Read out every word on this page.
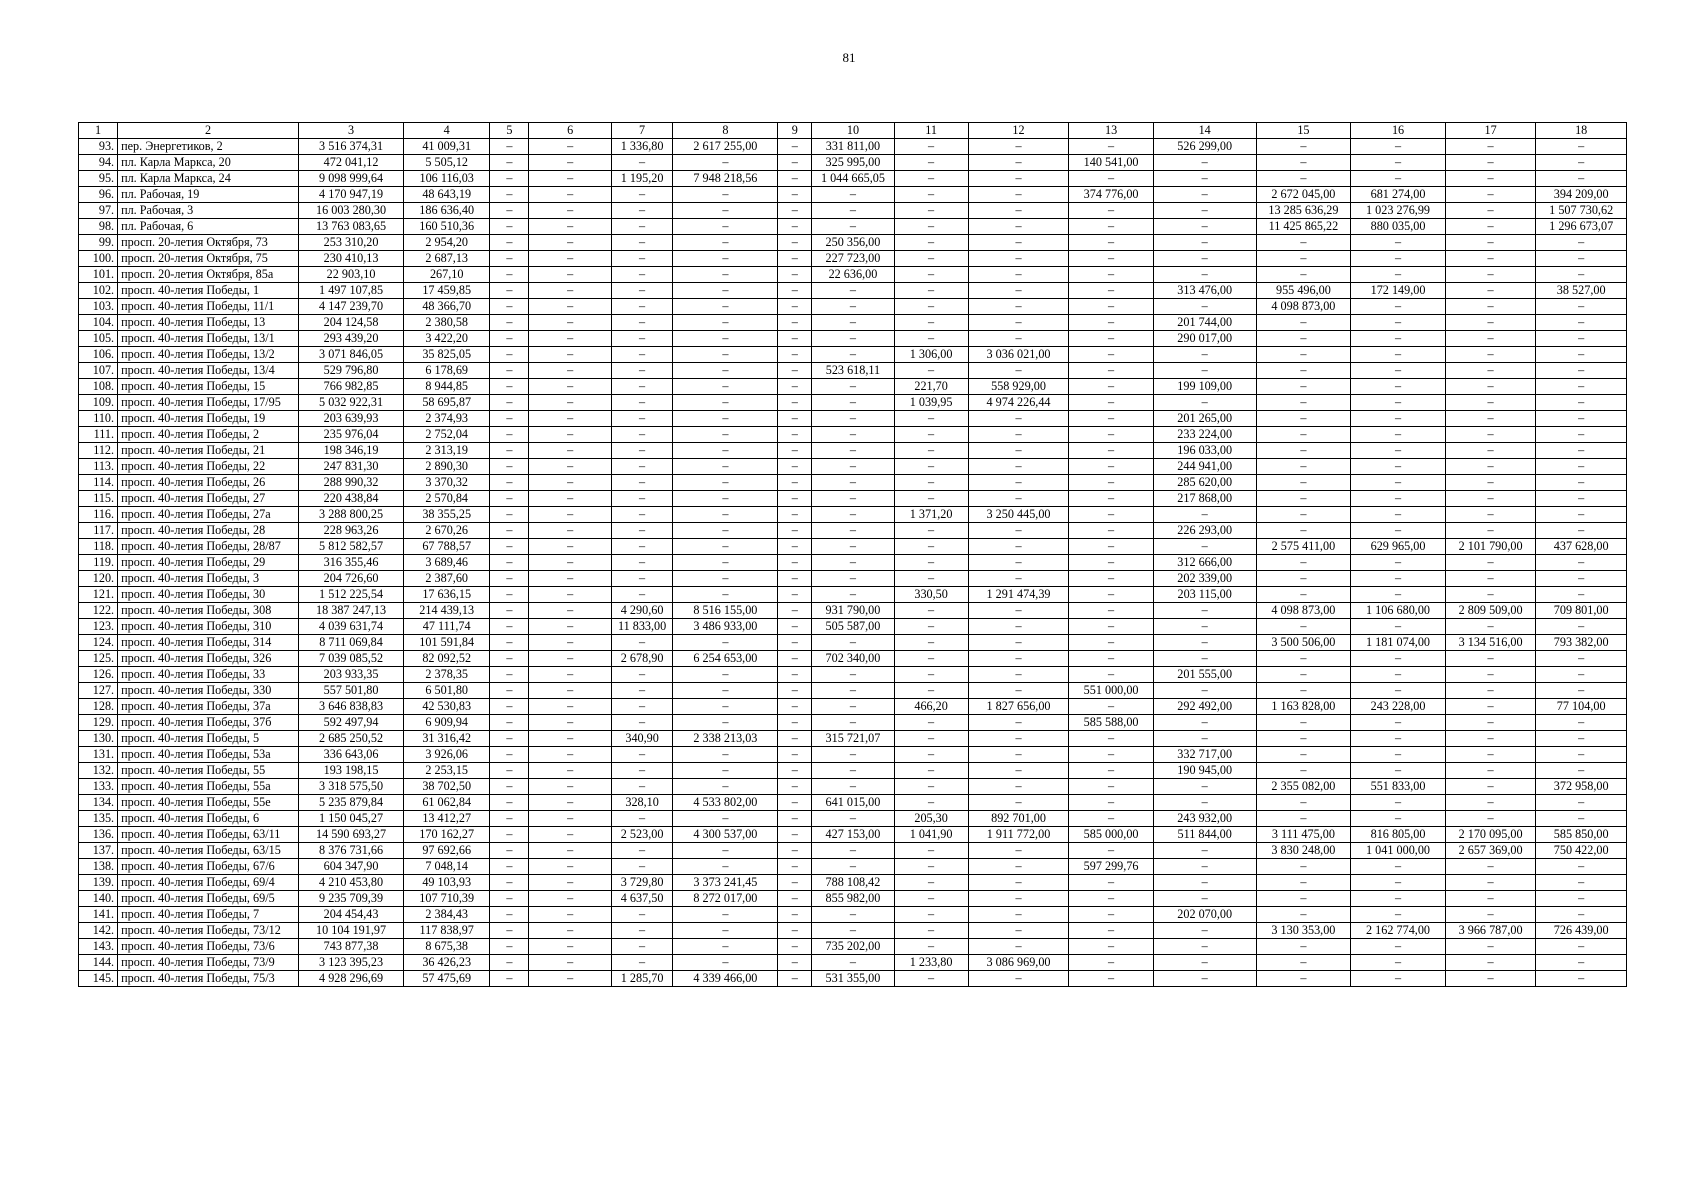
81
1	2	3	4	5	6	7	8	9	10	11	12	13	14	15	16	17	18
93.	пер. Энергетиков, 2	3 516 374,31	41 009,31	–	–	1 336,80	2 617 255,00	–	331 811,00	–	–	–	526 299,00	–	–	–	–
94.	пл. Карла Маркса, 20	472 041,12	5 505,12	–	–	–	–	–	325 995,00	–	–	140 541,00	–	–	–	–	–
95.	пл. Карла Маркса, 24	9 098 999,64	106 116,03	–	–	1 195,20	7 948 218,56	–	1 044 665,05	–	–	–	–	–	–	–	–
96.	пл. Рабочая, 19	4 170 947,19	48 643,19	–	–	–	–	–	–	–	–	374 776,00	–	2 672 045,00	681 274,00	–	394 209,00
97.	пл. Рабочая, 3	16 003 280,30	186 636,40	–	–	–	–	–	–	–	–	–	–	13 285 636,29	1 023 276,99	–	1 507 730,62
98.	пл. Рабочая, 6	13 763 083,65	160 510,36	–	–	–	–	–	–	–	–	–	–	11 425 865,22	880 035,00	–	1 296 673,07
99.	просп. 20-летия Октября, 73	253 310,20	2 954,20	–	–	–	–	–	250 356,00	–	–	–	–	–	–	–	–
100.	просп. 20-летия Октября, 75	230 410,13	2 687,13	–	–	–	–	–	227 723,00	–	–	–	–	–	–	–	–
101.	просп. 20-летия Октября, 85а	22 903,10	267,10	–	–	–	–	–	22 636,00	–	–	–	–	–	–	–	–
102.	просп. 40-летия Победы, 1	1 497 107,85	17 459,85	–	–	–	–	–	–	–	–	–	313 476,00	955 496,00	172 149,00	–	38 527,00
103.	просп. 40-летия Победы, 11/1	4 147 239,70	48 366,70	–	–	–	–	–	–	–	–	–	–	4 098 873,00	–	–	–
104.	просп. 40-летия Победы, 13	204 124,58	2 380,58	–	–	–	–	–	–	–	–	–	201 744,00	–	–	–	–
105.	просп. 40-летия Победы, 13/1	293 439,20	3 422,20	–	–	–	–	–	–	–	–	–	290 017,00	–	–	–	–
106.	просп. 40-летия Победы, 13/2	3 071 846,05	35 825,05	–	–	–	–	–	–	1 306,00	3 036 021,00	–	–	–	–	–	–
107.	просп. 40-летия Победы, 13/4	529 796,80	6 178,69	–	–	–	–	–	523 618,11	–	–	–	–	–	–	–	–
108.	просп. 40-летия Победы, 15	766 982,85	8 944,85	–	–	–	–	–	–	221,70	558 929,00	–	199 109,00	–	–	–	–
109.	просп. 40-летия Победы, 17/95	5 032 922,31	58 695,87	–	–	–	–	–	–	1 039,95	4 974 226,44	–	–	–	–	–	–
110.	просп. 40-летия Победы, 19	203 639,93	2 374,93	–	–	–	–	–	–	–	–	–	201 265,00	–	–	–	–
111.	просп. 40-летия Победы, 2	235 976,04	2 752,04	–	–	–	–	–	–	–	–	–	233 224,00	–	–	–	–
112.	просп. 40-летия Победы, 21	198 346,19	2 313,19	–	–	–	–	–	–	–	–	–	196 033,00	–	–	–	–
113.	просп. 40-летия Победы, 22	247 831,30	2 890,30	–	–	–	–	–	–	–	–	–	244 941,00	–	–	–	–
114.	просп. 40-летия Победы, 26	288 990,32	3 370,32	–	–	–	–	–	–	–	–	–	285 620,00	–	–	–	–
115.	просп. 40-летия Победы, 27	220 438,84	2 570,84	–	–	–	–	–	–	–	–	–	217 868,00	–	–	–	–
116.	просп. 40-летия Победы, 27а	3 288 800,25	38 355,25	–	–	–	–	–	–	1 371,20	3 250 445,00	–	–	–	–	–	–
117.	просп. 40-летия Победы, 28	228 963,26	2 670,26	–	–	–	–	–	–	–	–	–	226 293,00	–	–	–	–
118.	просп. 40-летия Победы, 28/87	5 812 582,57	67 788,57	–	–	–	–	–	–	–	–	–	–	2 575 411,00	629 965,00	2 101 790,00	437 628,00
119.	просп. 40-летия Победы, 29	316 355,46	3 689,46	–	–	–	–	–	–	–	–	–	312 666,00	–	–	–	–
120.	просп. 40-летия Победы, 3	204 726,60	2 387,60	–	–	–	–	–	–	–	–	–	202 339,00	–	–	–	–
121.	просп. 40-летия Победы, 30	1 512 225,54	17 636,15	–	–	–	–	–	–	330,50	1 291 474,39	–	203 115,00	–	–	–	–
122.	просп. 40-летия Победы, 308	18 387 247,13	214 439,13	–	–	4 290,60	8 516 155,00	–	931 790,00	–	–	–	–	4 098 873,00	1 106 680,00	2 809 509,00	709 801,00
123.	просп. 40-летия Победы, 310	4 039 631,74	47 111,74	–	–	11 833,00	3 486 933,00	–	505 587,00	–	–	–	–	–	–	–	–
124.	просп. 40-летия Победы, 314	8 711 069,84	101 591,84	–	–	–	–	–	–	–	–	–	–	3 500 506,00	1 181 074,00	3 134 516,00	793 382,00
125.	просп. 40-летия Победы, 326	7 039 085,52	82 092,52	–	–	2 678,90	6 254 653,00	–	702 340,00	–	–	–	–	–	–	–	–
126.	просп. 40-летия Победы, 33	203 933,35	2 378,35	–	–	–	–	–	–	–	–	–	201 555,00	–	–	–	–
127.	просп. 40-летия Победы, 330	557 501,80	6 501,80	–	–	–	–	–	–	–	–	551 000,00	–	–	–	–	–
128.	просп. 40-летия Победы, 37а	3 646 838,83	42 530,83	–	–	–	–	–	–	466,20	1 827 656,00	–	292 492,00	1 163 828,00	243 228,00	–	77 104,00
129.	просп. 40-летия Победы, 37б	592 497,94	6 909,94	–	–	–	–	–	–	–	–	585 588,00	–	–	–	–	–
130.	просп. 40-летия Победы, 5	2 685 250,52	31 316,42	–	–	340,90	2 338 213,03	–	315 721,07	–	–	–	–	–	–	–	–
131.	просп. 40-летия Победы, 53а	336 643,06	3 926,06	–	–	–	–	–	–	–	–	–	332 717,00	–	–	–	–
132.	просп. 40-летия Победы, 55	193 198,15	2 253,15	–	–	–	–	–	–	–	–	–	190 945,00	–	–	–	–
133.	просп. 40-летия Победы, 55а	3 318 575,50	38 702,50	–	–	–	–	–	–	–	–	–	–	2 355 082,00	551 833,00	–	372 958,00
134.	просп. 40-летия Победы, 55е	5 235 879,84	61 062,84	–	–	328,10	4 533 802,00	–	641 015,00	–	–	–	–	–	–	–	–
135.	просп. 40-летия Победы, 6	1 150 045,27	13 412,27	–	–	–	–	–	–	205,30	892 701,00	–	243 932,00	–	–	–	–
136.	просп. 40-летия Победы, 63/11	14 590 693,27	170 162,27	–	–	2 523,00	4 300 537,00	–	427 153,00	1 041,90	1 911 772,00	585 000,00	511 844,00	3 111 475,00	816 805,00	2 170 095,00	585 850,00
137.	просп. 40-летия Победы, 63/15	8 376 731,66	97 692,66	–	–	–	–	–	–	–	–	–	–	3 830 248,00	1 041 000,00	2 657 369,00	750 422,00
138.	просп. 40-летия Победы, 67/6	604 347,90	7 048,14	–	–	–	–	–	–	–	–	597 299,76	–	–	–	–	–
139.	просп. 40-летия Победы, 69/4	4 210 453,80	49 103,93	–	–	3 729,80	3 373 241,45	–	788 108,42	–	–	–	–	–	–	–	–
140.	просп. 40-летия Победы, 69/5	9 235 709,39	107 710,39	–	–	4 637,50	8 272 017,00	–	855 982,00	–	–	–	–	–	–	–	–
141.	просп. 40-летия Победы, 7	204 454,43	2 384,43	–	–	–	–	–	–	–	–	–	202 070,00	–	–	–	–
142.	просп. 40-летия Победы, 73/12	10 104 191,97	117 838,97	–	–	–	–	–	–	–	–	–	–	3 130 353,00	2 162 774,00	3 966 787,00	726 439,00
143.	просп. 40-летия Победы, 73/6	743 877,38	8 675,38	–	–	–	–	–	735 202,00	–	–	–	–	–	–	–	–
144.	просп. 40-летия Победы, 73/9	3 123 395,23	36 426,23	–	–	–	–	–	–	1 233,80	3 086 969,00	–	–	–	–	–	–
145.	просп. 40-летия Победы, 75/3	4 928 296,69	57 475,69	–	–	1 285,70	4 339 466,00	–	531 355,00	–	–	–	–	–	–	–	–
